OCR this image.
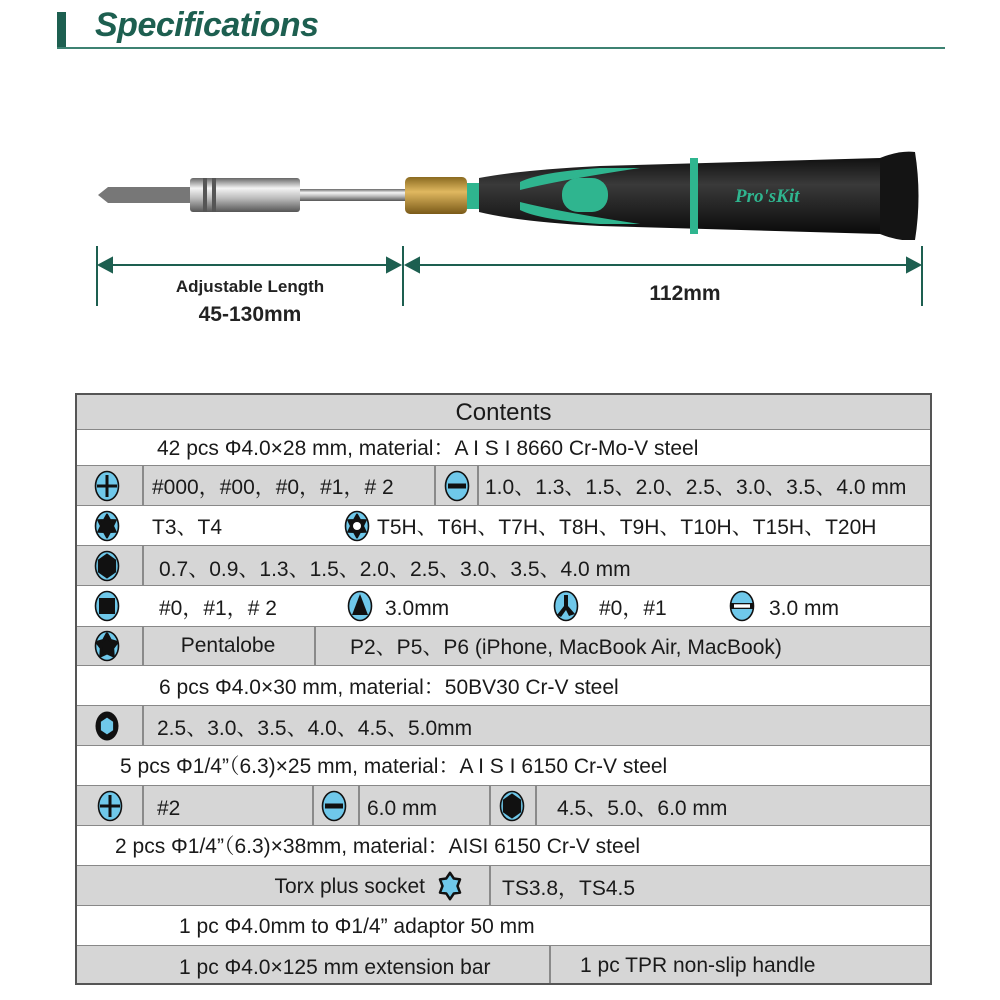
Specifications
Pro'sKit
Adjustable Length
45-130mm
112mm
Contents
42 pcs Φ4.0×28 mm, material：A I S I 8660 Cr-Mo-V steel
#000，#00，#0，#1，# 2	1.0、1.3、1.5、2.0、2.5、3.0、3.5、4.0 mm
T3、T4	T5H、T6H、T7H、T8H、T9H、T10H、T15H、T20H
0.7、0.9、1.3、1.5、2.0、2.5、3.0、3.5、4.0 mm
#0，#1，# 2	3.0mm	#0，#1	3.0 mm
Pentalobe	P2、P5、P6 (iPhone, MacBook Air, MacBook)
6 pcs Φ4.0×30 mm, material：50BV30 Cr-V steel
2.5、3.0、3.5、4.0、4.5、5.0mm
5 pcs Φ1/4”（6.3)×25 mm, material：A I S I 6150 Cr-V steel
#2	6.0 mm	4.5、5.0、6.0 mm
2 pcs Φ1/4”（6.3)×38mm, material：AISI 6150 Cr-V steel
Torx plus socket	TS3.8，TS4.5
1 pc Φ4.0mm to Φ1/4” adaptor 50 mm
1 pc Φ4.0×125 mm extension bar	1 pc TPR non-slip handle
